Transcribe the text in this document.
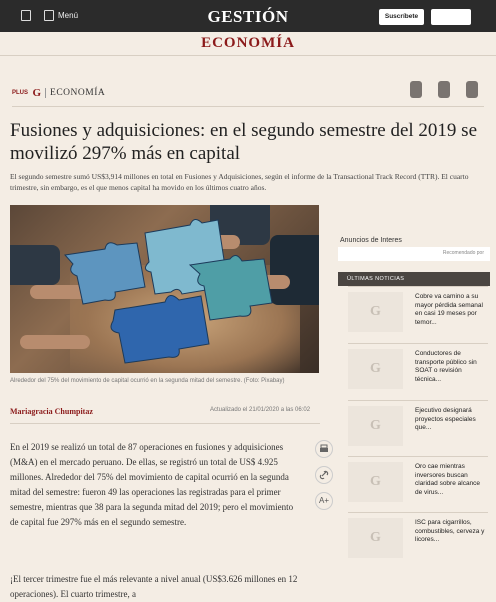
Menú	GESTIÓN	Suscríbete
ECONOMÍA
PLUS G ECONOMÍA
Fusiones y adquisiciones: en el segundo semestre del 2019 se movilizó 297% más en capital

El segundo semestre sumó US$3,914 millones en total en Fusiones y Adquisiciones, según el informe de la Transactional Track Record (TTR). El cuarto trimestre, sin embargo, es el que menos capital ha movido en los últimos cuatro años.

Alrededor del 75% del movimiento de capital ocurrió en la segunda mitad del semestre. (Foto: Pixabay)
Mariagracia Chumpitaz	Actualizado el 21/01/2020 a las 06:02

En el 2019 se realizó un total de 87 operaciones en fusiones y adquisiciones (M&A) en el mercado peruano. De ellas, se registró un total de US$ 4.925 millones. Alrededor del 75% del movimiento de capital ocurrió en la segunda mitad del semestre: fueron 49 las operaciones las registradas para el primer semestre, mientras que 38 para la segunda mitad del 2019; pero el movimiento de capital fue 297% más en el segundo semestre.

¡El tercer trimestre fue el más relevante a nivel anual (US$3.626 millones en 12 operaciones). El cuarto trimestre, a

A+
Anuncios de Interes
Recomendado por
ÚLTIMAS NOTICIAS
G
Cobre va camino a su mayor pérdida semanal en casi 19 meses por temor...
G
Conductores de transporte público sin SOAT o revisión técnica...
G
Ejecutivo designará proyectos especiales que...
G
Oro cae mientras inversores buscan claridad sobre alcance de virus...
G
ISC para cigarrillos, combustibles, cerveza y licores...
